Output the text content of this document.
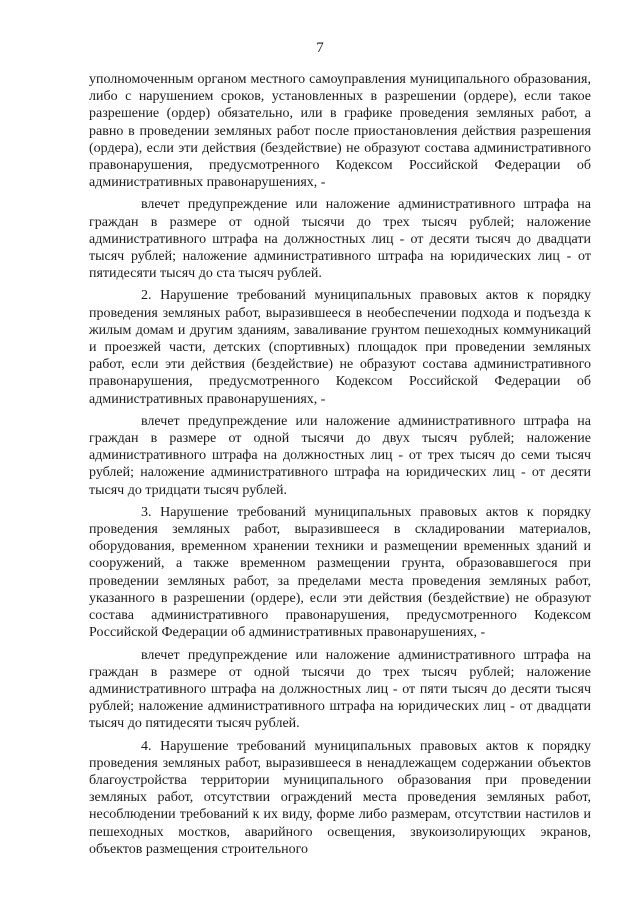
7

уполномоченным органом местного самоуправления муниципального образования, либо с нарушением сроков, установленных в разрешении (ордере), если такое разрешение (ордер) обязательно, или в графике проведения земляных работ, а равно в проведении земляных работ после приостановления действия разрешения (ордера), если эти действия (бездействие) не образуют состава административного правонарушения, предусмотренного Кодексом Российской Федерации об административных правонарушениях, -

влечет предупреждение или наложение административного штрафа на граждан в размере от одной тысячи до трех тысяч рублей; наложение административного штрафа на должностных лиц - от десяти тысяч до двадцати тысяч рублей; наложение административного штрафа на юридических лиц - от пятидесяти тысяч до ста тысяч рублей.

2. Нарушение требований муниципальных правовых актов к порядку проведения земляных работ, выразившееся в необеспечении подхода и подъезда к жилым домам и другим зданиям, заваливание грунтом пешеходных коммуникаций и проезжей части, детских (спортивных) площадок при проведении земляных работ, если эти действия (бездействие) не образуют состава административного правонарушения, предусмотренного Кодексом Российской Федерации об административных правонарушениях, -

влечет предупреждение или наложение административного штрафа на граждан в размере от одной тысячи до двух тысяч рублей; наложение административного штрафа на должностных лиц - от трех тысяч до семи тысяч рублей; наложение административного штрафа на юридических лиц - от десяти тысяч до тридцати тысяч рублей.

3. Нарушение требований муниципальных правовых актов к порядку проведения земляных работ, выразившееся в складировании материалов, оборудования, временном хранении техники и размещении временных зданий и сооружений, а также временном размещении грунта, образовавшегося при проведении земляных работ, за пределами места проведения земляных работ, указанного в разрешении (ордере), если эти действия (бездействие) не образуют состава административного правонарушения, предусмотренного Кодексом Российской Федерации об административных правонарушениях, -

влечет предупреждение или наложение административного штрафа на граждан в размере от одной тысячи до трех тысяч рублей; наложение административного штрафа на должностных лиц - от пяти тысяч до десяти тысяч рублей; наложение административного штрафа на юридических лиц - от двадцати тысяч до пятидесяти тысяч рублей.

4. Нарушение требований муниципальных правовых актов к порядку проведения земляных работ, выразившееся в ненадлежащем содержании объектов благоустройства территории муниципального образования при проведении земляных работ, отсутствии ограждений места проведения земляных работ, несоблюдении требований к их виду, форме либо размерам, отсутствии настилов и пешеходных мостков, аварийного освещения, звукоизолирующих экранов, объектов размещения строительного
